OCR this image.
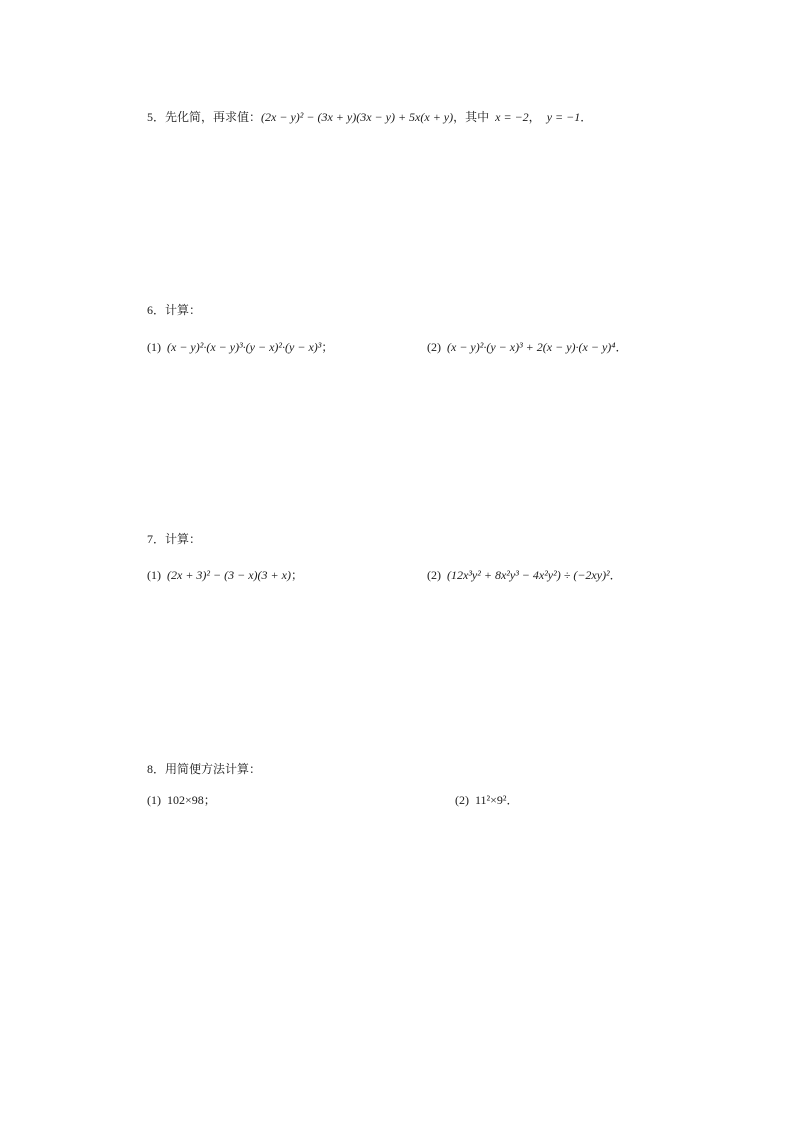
5．先化简，再求值：(2x − y)² − (3x + y)(3x − y) + 5x(x + y)，其中 x = −2， y = −1．
6．计算：
(1) (x − y)²·(x − y)³·(y − x)²·(y − x)³；	(2) (x − y)²·(y − x)³ + 2(x − y)·(x − y)⁴．
7．计算：
(1) (2x + 3)² − (3 − x)(3 + x)；	(2) (12x³y² + 8x²y³ − 4x²y²) ÷ (−2xy)²．
8．用简便方法计算：
(1) 102×98；	(2) 11²×9²．
